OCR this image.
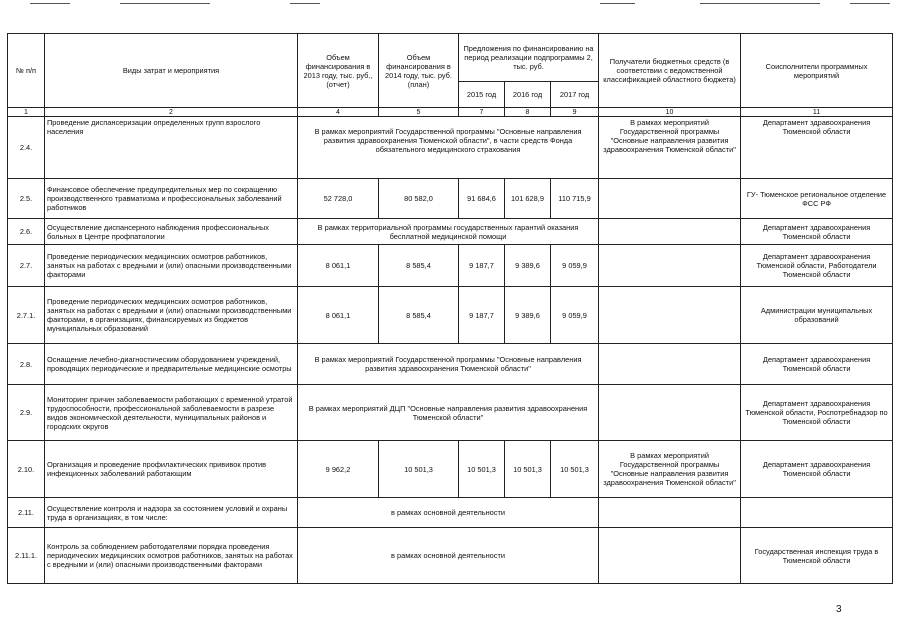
№ п/п	Виды затрат и мероприятия	Объем финансирования в 2013 году, тыс. руб., (отчет)	Объем финансирования в 2014 году, тыс. руб. (план)	Предложения по финансированию на период реализации подпрограммы 2, тыс. руб.			Получатели бюджетных средств (в соответствии с ведомственной классификацией областного бюджета)	Соисполнители программных мероприятий
				2015 год	2016 год	2017 год		
1	2	4	5	7	8	9	10	11
2.4.	Проведение диспансеризации определенных групп взрослого населения	В рамках мероприятий Государственной программы "Основные направления развития здравоохранения Тюменской области", в части средств Фонда обязательного медицинского страхования					В рамках мероприятий Государственной программы "Основные направления развития здравоохранения Тюменской области"	Департамент здравоохранения Тюменской области
2.5.	Финансовое обеспечение предупредительных мер по сокращению производственного травматизма и профессиональных заболеваний работников	52 728,0	80 582,0	91 684,6	101 628,9	110 715,9		ГУ- Тюменское региональное отделение ФСС РФ
2.6.	Осуществление диспансерного наблюдения профессиональных больных в Центре профпатологии	В рамках территориальной программы государственных гарантий оказания бесплатной медицинской помощи						Департамент здравоохранения Тюменской области
2.7.	Проведение периодических медицинских осмотров работников, занятых на работах с вредными и (или) опасными производственными факторами	8 061,1	8 585,4	9 187,7	9 389,6	9 059,9		Департамент здравоохранения Тюменской области, Работодатели Тюменской области
2.7.1.	Проведение периодических медицинских осмотров работников, занятых на работах с вредными и (или) опасными производственными факторами, в организациях, финансируемых из бюджетов муниципальных образований	8 061,1	8 585,4	9 187,7	9 389,6	9 059,9		Администрации муниципальных образований
2.8.	Оснащение лечебно-диагностическим оборудованием учреждений, проводящих периодические и предварительные медицинские осмотры	В рамках мероприятий Государственной программы "Основные направления развития здравоохранения Тюменской области"						Департамент здравоохранения Тюменской области
2.9.	Мониторинг причин заболеваемости работающих с временной утратой трудоспособности, профессиональной заболеваемости в разрезе видов экономической деятельности, муниципальных районов и городских округов	В рамках мероприятий ДЦП "Основные направления развития здравоохранения Тюменской области"						Департамент здравоохранения Тюменской области, Роспотребнадзор по Тюменской области
2.10.	Организация и проведение профилактических прививок против инфекционных заболеваний работающим	9 962,2	10 501,3	10 501,3	10 501,3	10 501,3	В рамках мероприятий Государственной программы "Основные направления развития здравоохранения Тюменской области"	Департамент здравоохранения Тюменской области
2.11.	Осуществление контроля и надзора за состоянием условий и охраны труда в организациях, в том числе:	в рамках основной деятельности						
2.11.1.	Контроль за соблюдением работодателями порядка проведения периодических медицинских осмотров работников, занятых на работах с вредными и (или) опасными производственными факторами	в рамках основной деятельности						Государственная инспекция труда в Тюменской области
3
